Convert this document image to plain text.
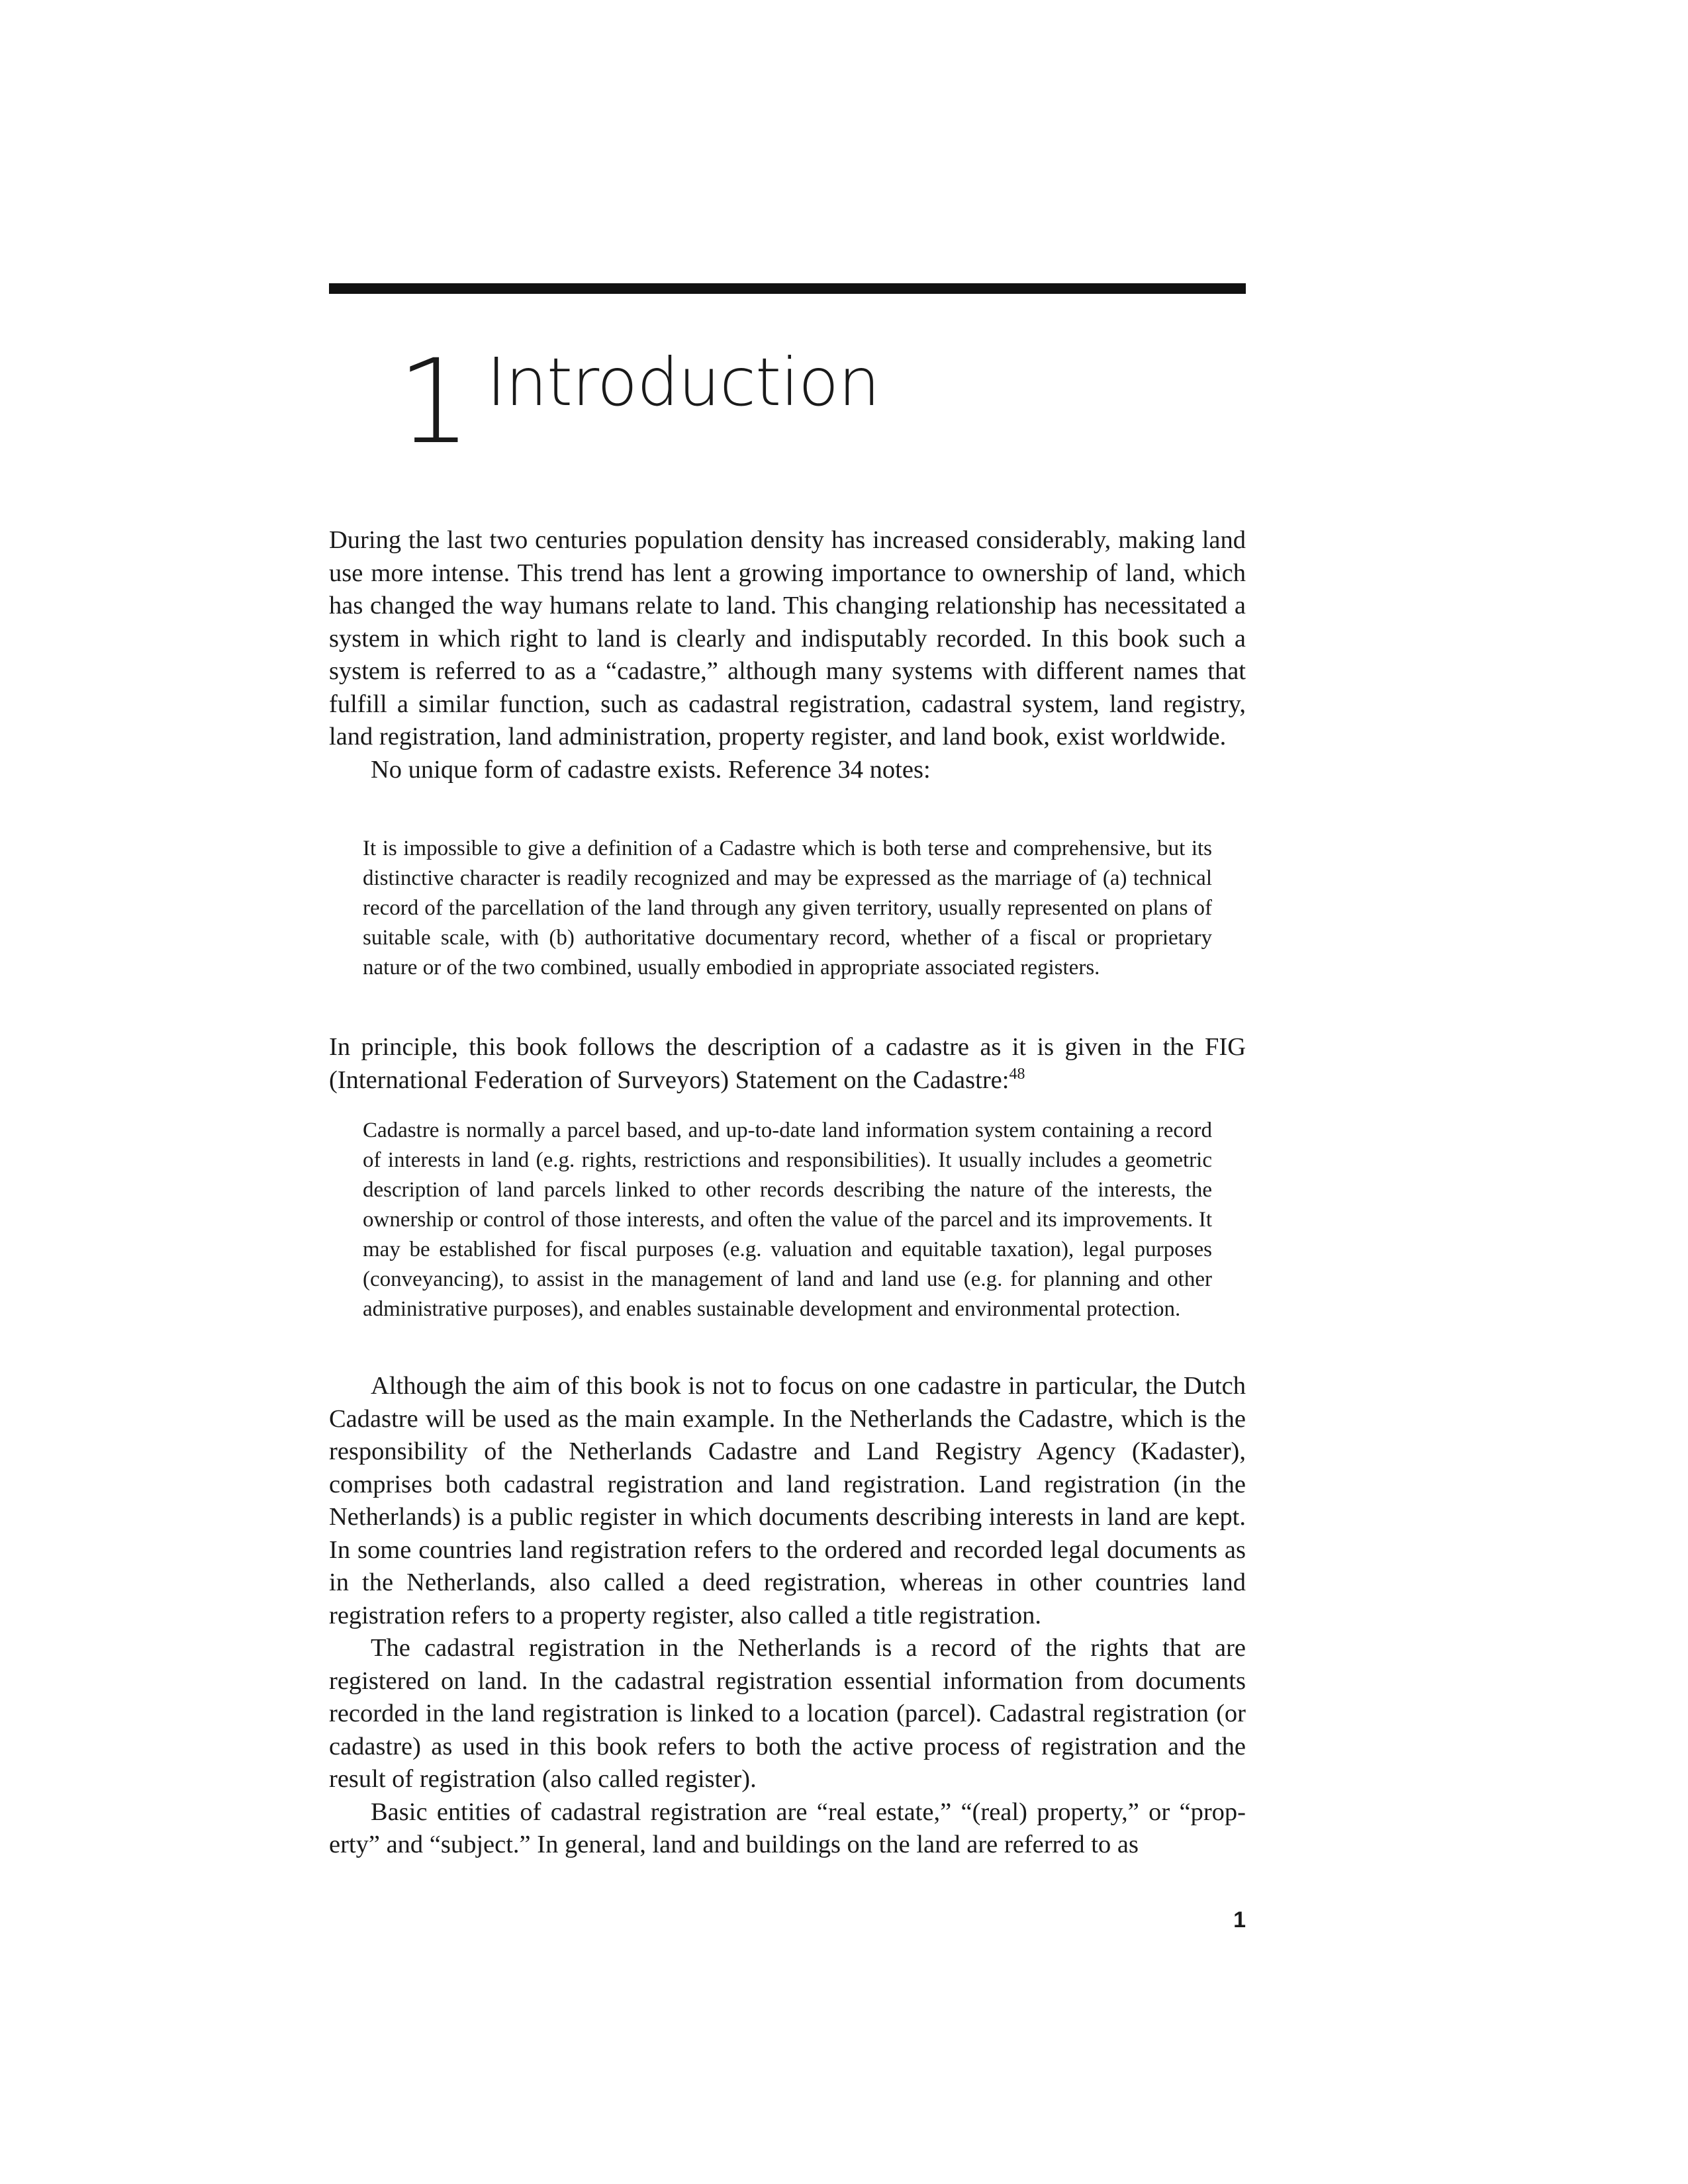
1 Introduction

During the last two centuries population density has increased considerably, making land use more intense. This trend has lent a growing importance to ownership of land, which has changed the way humans relate to land. This changing relationship has necessitated a system in which right to land is clearly and indisputably recorded. In this book such a system is referred to as a “cadastre,” although many systems with different names that fulfill a similar function, such as cadastral registration, cadastral system, land registry, land registration, land administration, property register, and land book, exist worldwide.

No unique form of cadastre exists. Reference 34 notes:

It is impossible to give a definition of a Cadastre which is both terse and comprehensive, but its distinctive character is readily recognized and may be expressed as the marriage of (a) technical record of the parcellation of the land through any given territory, usually represented on plans of suitable scale, with (b) authoritative documentary record, whether of a fiscal or proprietary nature or of the two combined, usually embodied in appropriate associated registers.

In principle, this book follows the description of a cadastre as it is given in the FIG (International Federation of Surveyors) Statement on the Cadastre:$^{48}$

Cadastre is normally a parcel based, and up-to-date land information system containing a record of interests in land (e.g. rights, restrictions and responsibilities). It usually includes a geometric description of land parcels linked to other records describing the nature of the interests, the ownership or control of those interests, and often the value of the parcel and its improvements. It may be established for fiscal purposes (e.g. valuation and equitable taxation), legal purposes (conveyancing), to assist in the management of land and land use (e.g. for planning and other administrative purposes), and enables sustainable development and environmental protection.

Although the aim of this book is not to focus on one cadastre in particular, the Dutch Cadastre will be used as the main example. In the Netherlands the Cadastre, which is the responsibility of the Netherlands Cadastre and Land Registry Agency (Kadaster), comprises both cadastral registration and land registration. Land registration (in the Netherlands) is a public register in which documents describing interests in land are kept. In some countries land registration refers to the ordered and recorded legal documents as in the Netherlands, also called a deed registration, whereas in other countries land registration refers to a property register, also called a title registration.

The cadastral registration in the Netherlands is a record of the rights that are registered on land. In the cadastral registration essential information from documents recorded in the land registration is linked to a location (parcel). Cadastral registration (or cadastre) as used in this book refers to both the active process of registration and the result of registration (also called register).

Basic entities of cadastral registration are “real estate,” “(real) property,” or “property” and “subject.” In general, land and buildings on the land are referred to as

1
